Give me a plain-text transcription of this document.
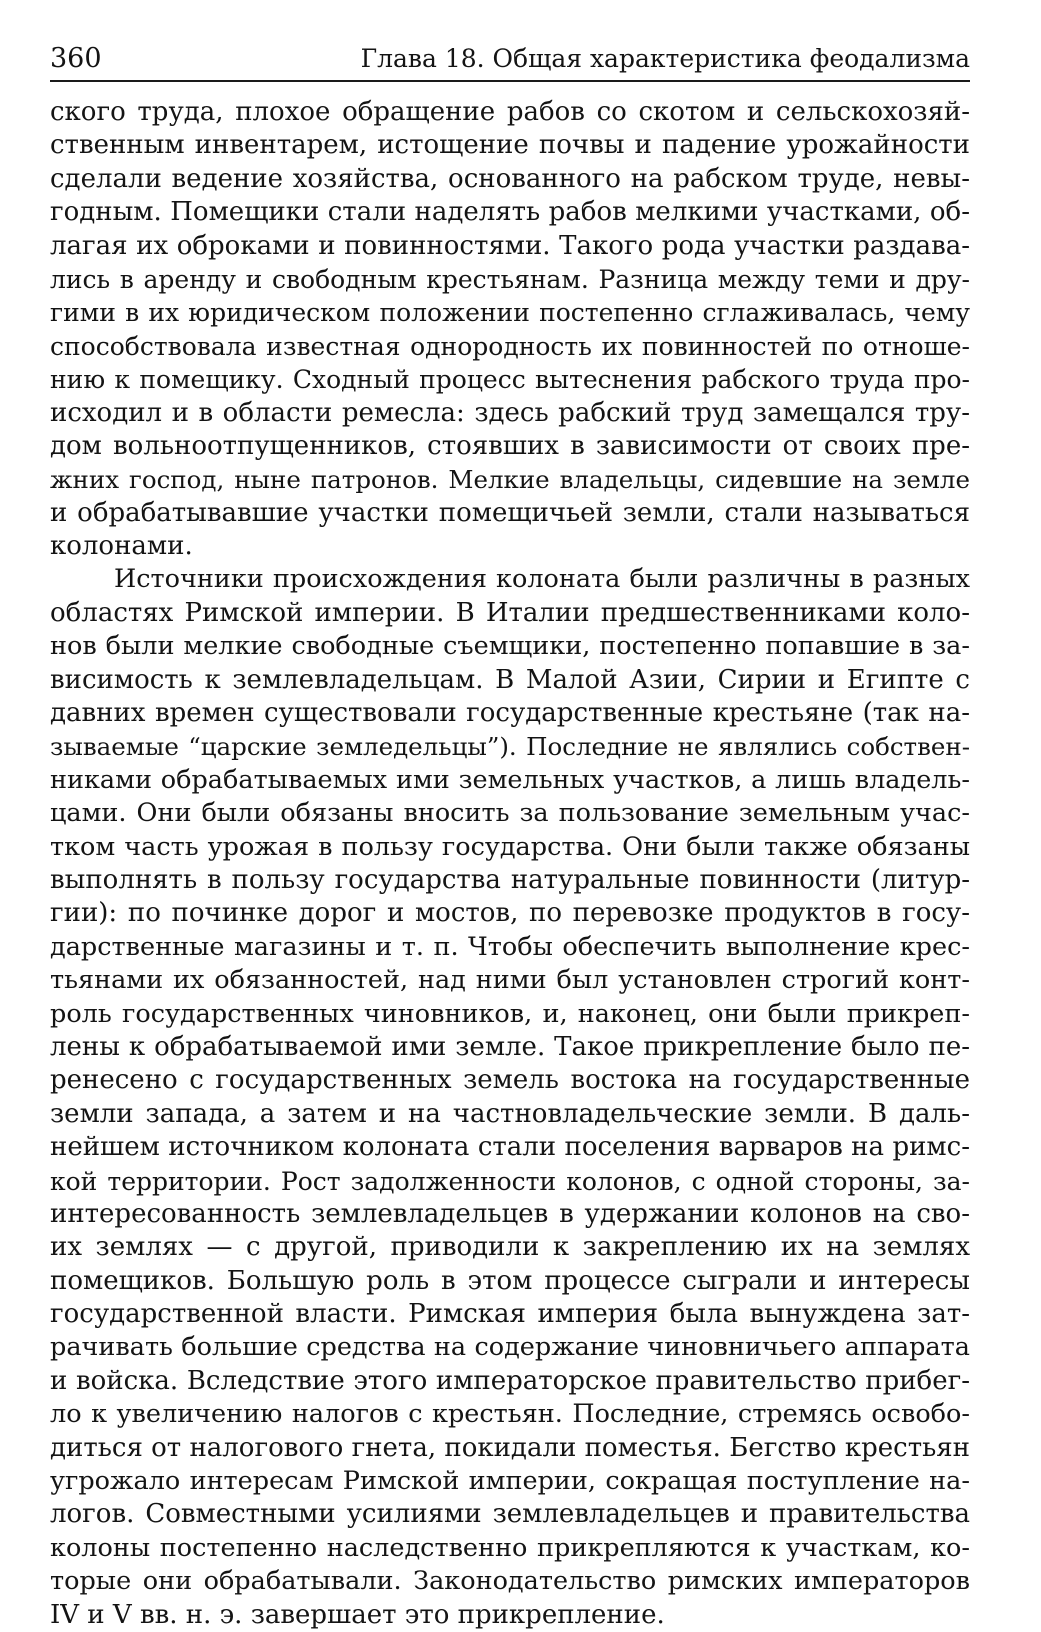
360	Глава 18. Общая характеристика феодализма
ского труда, плохое обращение рабов со скотом и сельскохозяй-
ственным инвентарем, истощение почвы и падение урожайности
сделали ведение хозяйства, основанного на рабском труде, невы-
годным. Помещики стали наделять рабов мелкими участками, об-
лагая их оброками и повинностями. Такого рода участки раздава-
лись в аренду и свободным крестьянам. Разница между теми и дру-
гими в их юридическом положении постепенно сглаживалась, чему
способствовала известная однородность их повинностей по отноше-
нию к помещику. Сходный процесс вытеснения рабского труда про-
исходил и в области ремесла: здесь рабский труд замещался тру-
дом вольноотпущенников, стоявших в зависимости от своих пре-
жних господ, ныне патронов. Мелкие владельцы, сидевшие на земле
и обрабатывавшие участки помещичьей земли, стали называться
колонами.
Источники происхождения колоната были различны в разных
областях Римской империи. В Италии предшественниками коло-
нов были мелкие свободные съемщики, постепенно попавшие в за-
висимость к землевладельцам. В Малой Азии, Сирии и Египте с
давних времен существовали государственные крестьяне (так на-
зываемые “царские земледельцы”). Последние не являлись собствен-
никами обрабатываемых ими земельных участков, а лишь владель-
цами. Они были обязаны вносить за пользование земельным учас-
тком часть урожая в пользу государства. Они были также обязаны
выполнять в пользу государства натуральные повинности (литур-
гии): по починке дорог и мостов, по перевозке продуктов в госу-
дарственные магазины и т. п. Чтобы обеспечить выполнение крес-
тьянами их обязанностей, над ними был установлен строгий конт-
роль государственных чиновников, и, наконец, они были прикреп-
лены к обрабатываемой ими земле. Такое прикрепление было пе-
ренесено с государственных земель востока на государственные
земли запада, а затем и на частновладельческие земли. В даль-
нейшем источником колоната стали поселения варваров на римс-
кой территории. Рост задолженности колонов, с одной стороны, за-
интересованность землевладельцев в удержании колонов на сво-
их землях — с другой, приводили к закреплению их на землях
помещиков. Большую роль в этом процессе сыграли и интересы
государственной власти. Римская империя была вынуждена зат-
рачивать большие средства на содержание чиновничьего аппарата
и войска. Вследствие этого императорское правительство прибег-
ло к увеличению налогов с крестьян. Последние, стремясь освобо-
диться от налогового гнета, покидали поместья. Бегство крестьян
угрожало интересам Римской империи, сокращая поступление на-
логов. Совместными усилиями землевладельцев и правительства
колоны постепенно наследственно прикрепляются к участкам, ко-
торые они обрабатывали. Законодательство римских императоров
IV и V вв. н. э. завершает это прикрепление.
